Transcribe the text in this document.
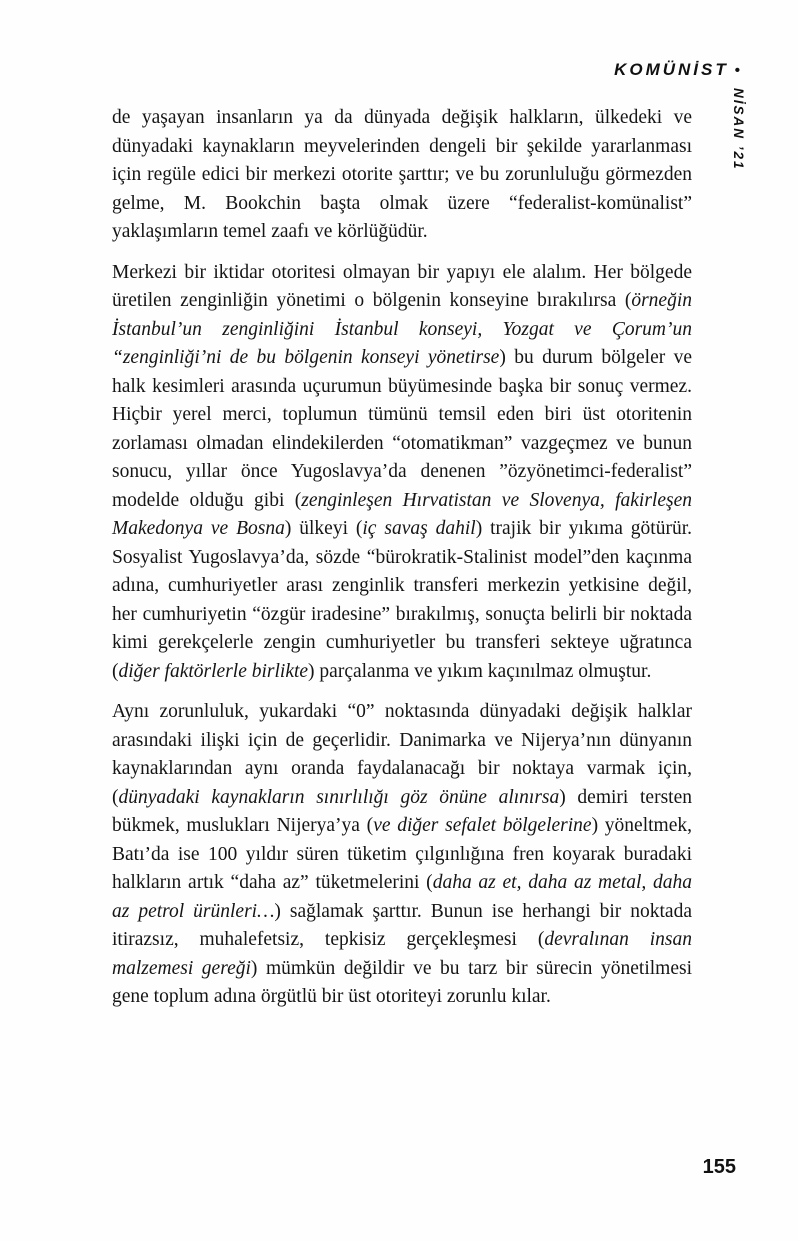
KOMÜNİST •
NİSAN ’21

de yaşayan insanların ya da dünyada değişik halkların, ülkedeki ve dünyadaki kaynakların meyvelerinden dengeli bir şekilde yararlanması için regüle edici bir merkezi otorite şarttır; ve bu zorunluluğu görmezden gelme, M. Bookchin başta olmak üzere “federalist-komünalist” yaklaşımların temel zaafı ve körlüğüdür.

Merkezi bir iktidar otoritesi olmayan bir yapıyı ele alalım. Her bölgede üretilen zenginliğin yönetimi o bölgenin konseyine bırakılırsa (örneğin İstanbul’un zenginliğini İstanbul konseyi, Yozgat ve Çorum’un “zenginliği’ni de bu bölgenin konseyi yönetirse) bu durum bölgeler ve halk kesimleri arasında uçurumun büyümesinde başka bir sonuç vermez. Hiçbir yerel merci, toplumun tümünü temsil eden biri üst otoritenin zorlaması olmadan elindekilerden “otomatikman” vazgeçmez ve bunun sonucu, yıllar önce Yugoslavya’da denenen ”özyönetimci-federalist” modelde olduğu gibi (zenginleşen Hırvatistan ve Slovenya, fakirleşen Makedonya ve Bosna) ülkeyi (iç savaş dahil) trajik bir yıkıma götürür. Sosyalist Yugoslavya’da, sözde “bürokratik-Stalinist model”den kaçınma adına, cumhuriyetler arası zenginlik transferi merkezin yetkisine değil, her cumhuriyetin “özgür iradesine” bırakılmış, sonuçta belirli bir noktada kimi gerekçelerle zengin cumhuriyetler bu transferi sekteye uğratınca (diğer faktörlerle birlikte) parçalanma ve yıkım kaçınılmaz olmuştur.

Aynı zorunluluk, yukardaki “0” noktasında dünyadaki değişik halklar arasındaki ilişki için de geçerlidir. Danimarka ve Nijerya’nın dünyanın kaynaklarından aynı oranda faydalanacağı bir noktaya varmak için, (dünyadaki kaynakların sınırlılığı göz önüne alınırsa) demiri tersten bükmek, muslukları Nijerya’ya (ve diğer sefalet bölgelerine) yöneltmek, Batı’da ise 100 yıldır süren tüketim çılgınlığına fren koyarak buradaki halkların artık “daha az” tüketmelerini (daha az et, daha az metal, daha az petrol ürünleri…) sağlamak şarttır. Bunun ise herhangi bir noktada itirazsız, muhalefetsiz, tepkisiz gerçekleşmesi (devralınan insan malzemesi gereği) mümkün değildir ve bu tarz bir sürecin yönetilmesi gene toplum adına örgütlü bir üst otoriteyi zorunlu kılar.

155
